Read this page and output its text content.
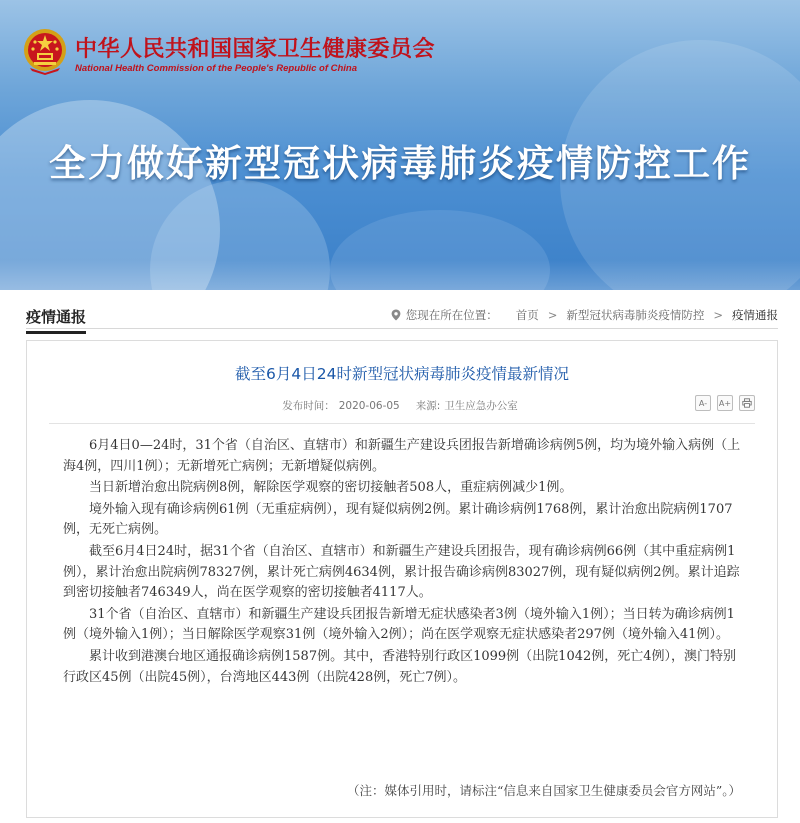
中华人民共和国国家卫生健康委员会
National Health Commission of the People's Republic of China
全力做好新型冠状病毒肺炎疫情防控工作
疫情通报	您现在所在位置： 首页 > 新型冠状病毒肺炎疫情防控 > 疫情通报
截至6月4日24时新型冠状病毒肺炎疫情最新情况
发布时间： 2020-06-05 来源: 卫生应急办公室	A-	A+

6月4日0—24时，31个省（自治区、直辖市）和新疆生产建设兵团报告新增确诊病例5例，均为境外输入病例（上海4例，四川1例）；无新增死亡病例；无新增疑似病例。

当日新增治愈出院病例8例，解除医学观察的密切接触者508人，重症病例减少1例。

境外输入现有确诊病例61例（无重症病例），现有疑似病例2例。累计确诊病例1768例，累计治愈出院病例1707例，无死亡病例。

截至6月4日24时，据31个省（自治区、直辖市）和新疆生产建设兵团报告，现有确诊病例66例（其中重症病例1例），累计治愈出院病例78327例，累计死亡病例4634例，累计报告确诊病例83027例，现有疑似病例2例。累计追踪到密切接触者746349人，尚在医学观察的密切接触者4117人。

31个省（自治区、直辖市）和新疆生产建设兵团报告新增无症状感染者3例（境外输入1例）；当日转为确诊病例1例（境外输入1例）；当日解除医学观察31例（境外输入2例）；尚在医学观察无症状感染者297例（境外输入41例）。

累计收到港澳台地区通报确诊病例1587例。其中，香港特别行政区1099例（出院1042例，死亡4例），澳门特别行政区45例（出院45例），台湾地区443例（出院428例，死亡7例）。

（注：媒体引用时，请标注“信息来自国家卫生健康委员会官方网站”。）
